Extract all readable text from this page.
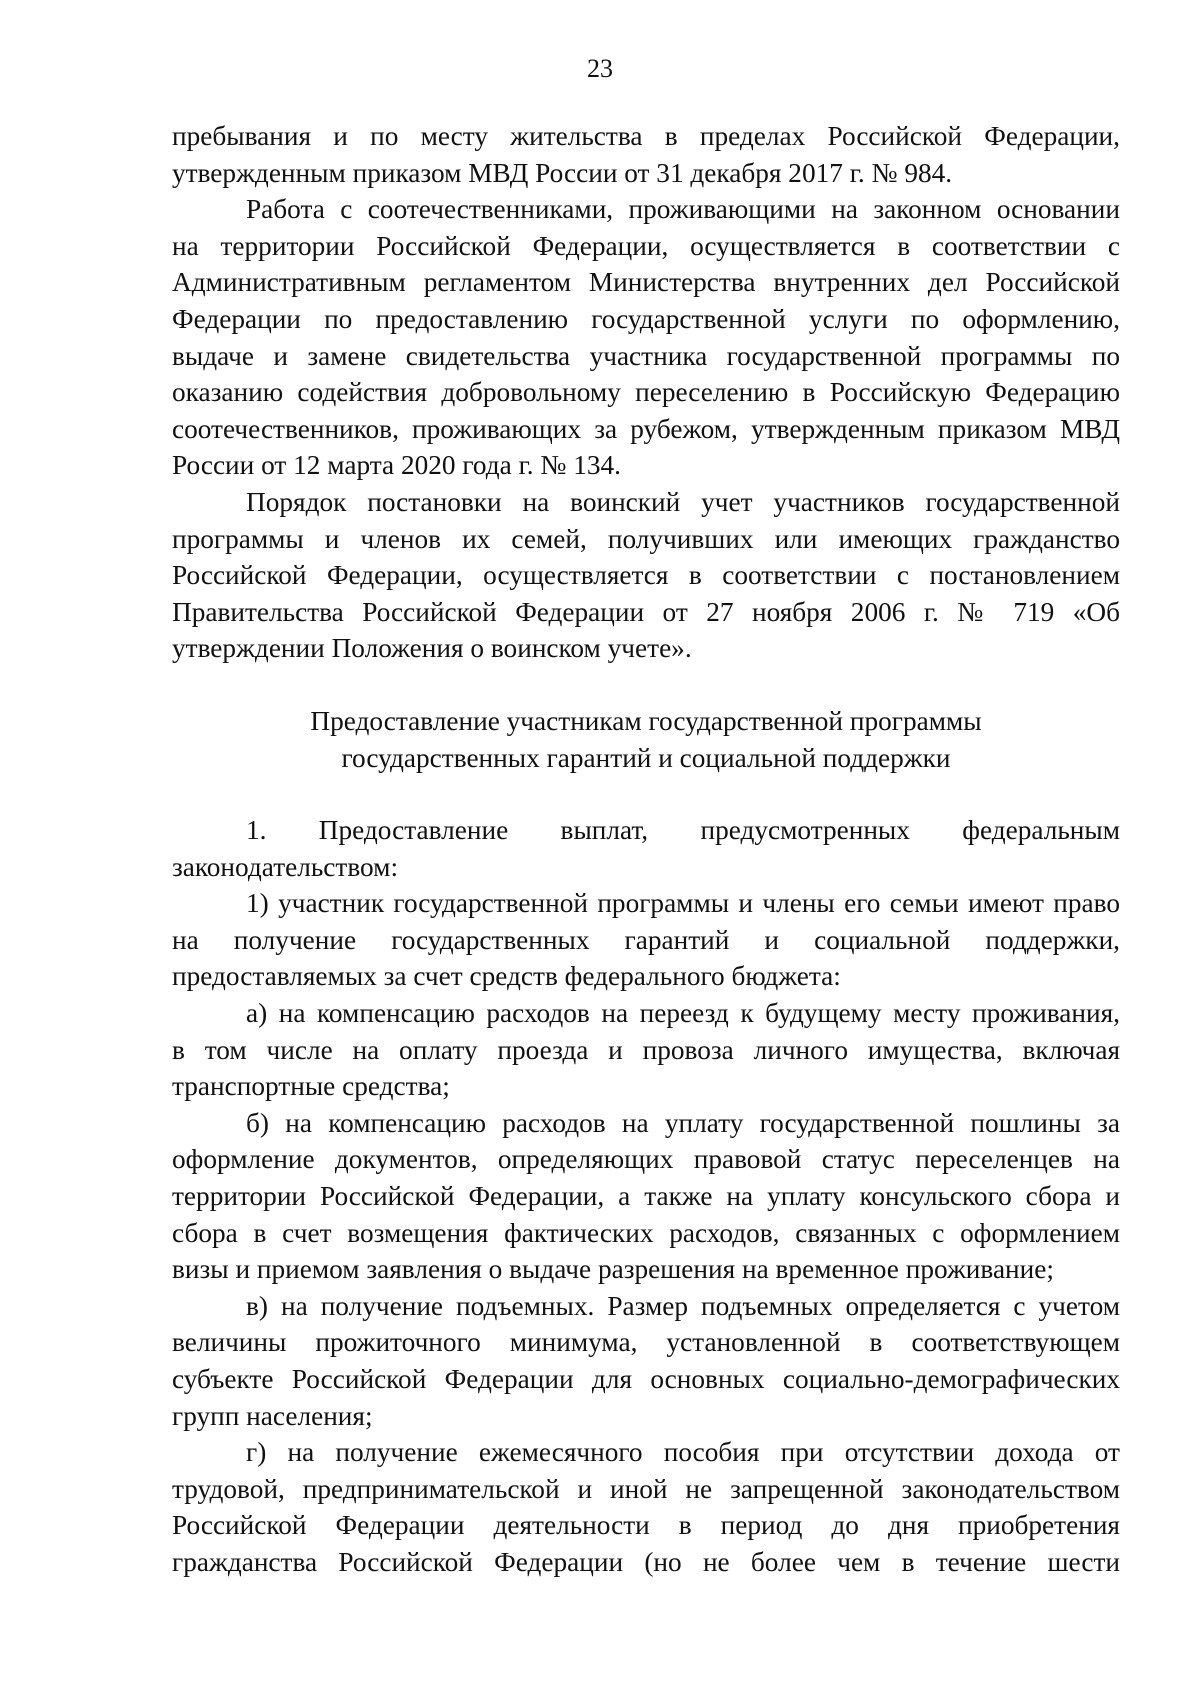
23

пребывания и по месту жительства в пределах Российской Федерации,
утвержденным приказом МВД России от 31 декабря 2017 г. № 984.

Работа с соотечественниками, проживающими на законном основании
на территории Российской Федерации, осуществляется в соответствии с
Административным регламентом Министерства внутренних дел Российской
Федерации по предоставлению государственной услуги по оформлению,
выдаче и замене свидетельства участника государственной программы по
оказанию содействия добровольному переселению в Российскую Федерацию
соотечественников, проживающих за рубежом, утвержденным приказом МВД
России от 12 марта 2020 года г. № 134.

Порядок постановки на воинский учет участников государственной
программы и членов их семей, получивших или имеющих гражданство
Российской Федерации, осуществляется в соответствии с постановлением
Правительства Российской Федерации от 27 ноября 2006 г. № 719 «Об
утверждении Положения о воинском учете».

Предоставление участникам государственной программы
государственных гарантий и социальной поддержки

1. Предоставление выплат, предусмотренных федеральным
законодательством:

1) участник государственной программы и члены его семьи имеют право
на получение государственных гарантий и социальной поддержки,
предоставляемых за счет средств федерального бюджета:

а) на компенсацию расходов на переезд к будущему месту проживания,
в том числе на оплату проезда и провоза личного имущества, включая
транспортные средства;

б) на компенсацию расходов на уплату государственной пошлины за
оформление документов, определяющих правовой статус переселенцев на
территории Российской Федерации, а также на уплату консульского сбора и
сбора в счет возмещения фактических расходов, связанных с оформлением
визы и приемом заявления о выдаче разрешения на временное проживание;

в) на получение подъемных. Размер подъемных определяется с учетом
величины прожиточного минимума, установленной в соответствующем
субъекте Российской Федерации для основных социально-демографических
групп населения;

г) на получение ежемесячного пособия при отсутствии дохода от
трудовой, предпринимательской и иной не запрещенной законодательством
Российской Федерации деятельности в период до дня приобретения
гражданства Российской Федерации (но не более чем в течение шести
